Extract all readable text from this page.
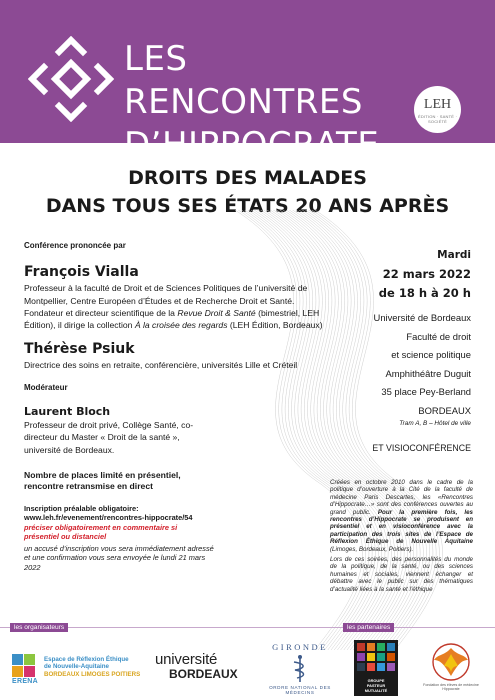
LES RENCONTRES
D’HIPPOCRATE…
LEH
ÉDITION · SANTÉ · SOCIÉTÉ
DROITS DES MALADES
DANS TOUS SES ÉTATS 20 ANS APRÈS
Conférence prononcée par
François Vialla
Professeur à la faculté de Droit et de Sciences Politiques de l’université de Montpellier, Centre Européen d’Études et de Recherche Droit et Santé. Fondateur et directeur scientifique de la Revue Droit & Santé (bimestriel, LEH Édition), il dirige la collection À la croisée des regards (LEH Édition, Bordeaux)
Thérèse Psiuk
Directrice des soins en retraite, conférencière, universités Lille et Créteil
Modérateur
Laurent Bloch
Professeur de droit privé, Collège Santé, co-directeur du Master « Droit de la santé », université de Bordeaux.
Nombre de places limité en présentiel,
rencontre retransmise en direct
Inscription préalable obligatoire:
www.leh.fr/evenement/rencontres-hippocrate/54
préciser obligatoirement en commentaire si présentiel ou distanciel
un accusé d’inscription vous sera immédiatement adressé et une confirmation vous sera envoyée le lundi 21 mars 2022
Mardi
22 mars 2022
de 18 h à 20 h
Université de Bordeaux
Faculté de droit
et science politique
Amphithéâtre Duguit
35 place Pey-Berland
BORDEAUX
Tram A, B – Hôtel de ville
ET VISIOCONFÉRENCE

Créées en octobre 2010 dans le cadre de la politique d’ouverture à la Cité de la faculté de médecine Paris Descartes, les «Rencontres d’Hippocrate…» sont des conférences ouvertes au grand public. Pour la première fois, les rencontres d’Hippocrate se produisent en présentiel et en visioconférence avec la participation des trois sites de l’Espace de Réflexion Éthique de Nouvelle Aquitaine (Limoges, Bordeaux, Poitiers).

Lors de ces soirées, des personnalités du monde de la politique, de la santé, ou des sciences humaines et sociales, viennent échanger et débattre avec le public sur des thématiques d’actualité liées à la santé et l’éthique

les organisateurs	les partenaires
ERENA
Espace de Réflexion Éthique
de Nouvelle-Aquitaine
BORDEAUX LIMOGES POITIERS
université
BORDEAUX
GIRONDE
ORDRE NATIONAL DES MÉDECINS
GROUPE
PASTEUR
MUTUALITÉ
Fondation des élèves de médecine Hippocrate
